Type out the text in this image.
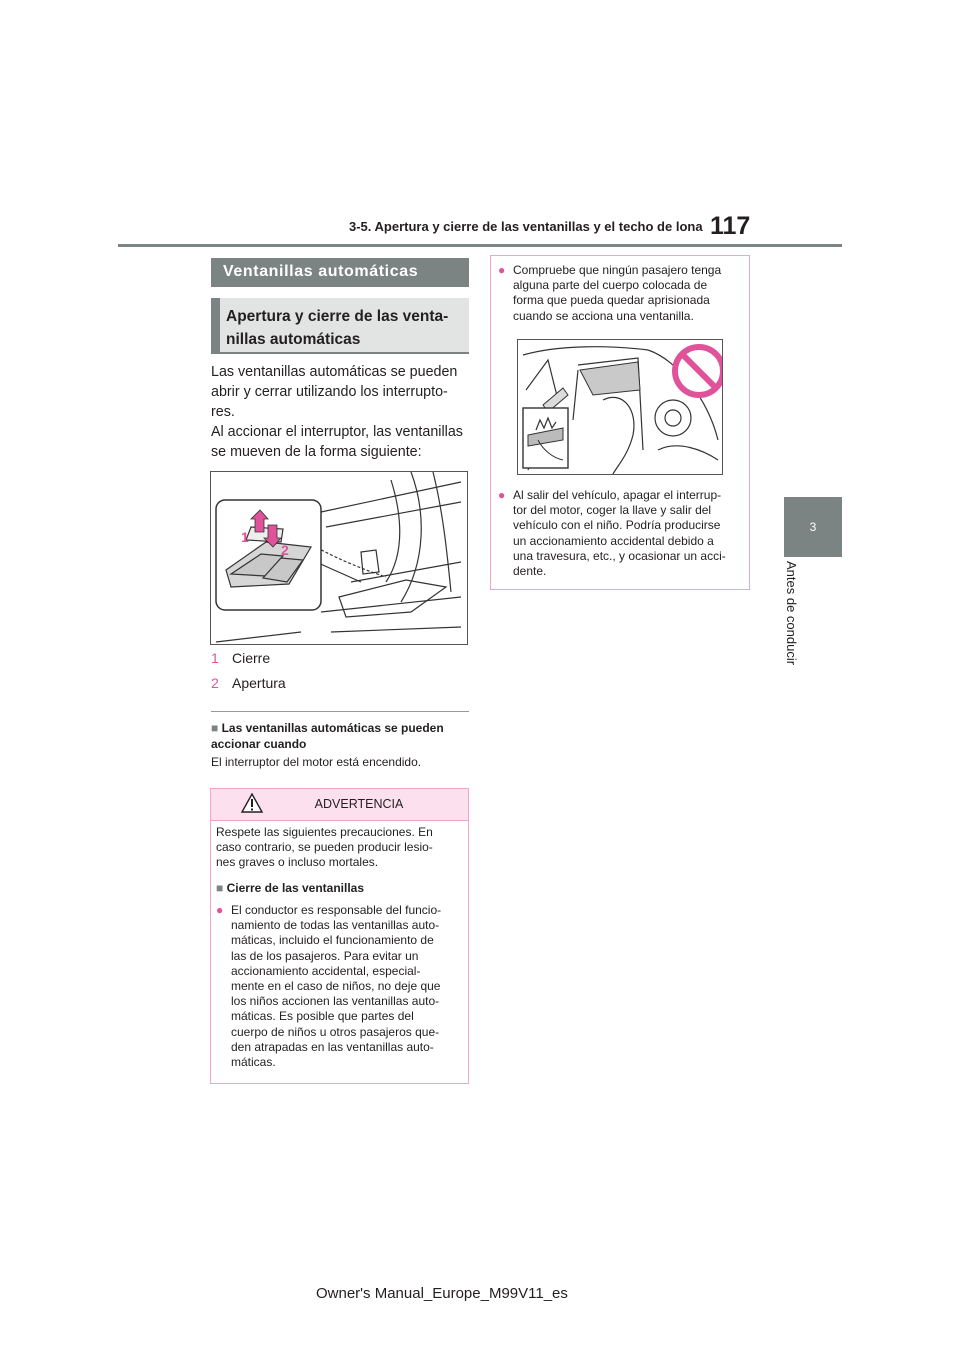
3-5. Apertura y cierre de las ventanillas y el techo de lona 117
3
Antes de conducir
Ventanillas automáticas
Apertura y cierre de las venta-nillas automáticas
Las ventanillas automáticas se pueden
abrir y cerrar utilizando los interrupto-
res.
Al accionar el interruptor, las ventanillas
se mueven de la forma siguiente:
1
2
1 Cierre
2 Apertura
■ Las ventanillas automáticas se pueden accionar cuando
El interruptor del motor está encendido.
ADVERTENCIA
Respete las siguientes precauciones. En
caso contrario, se pueden producir lesio-
nes graves o incluso mortales.
■ Cierre de las ventanillas
● El conductor es responsable del funcio-
namiento de todas las ventanillas auto-
máticas, incluido el funcionamiento de
las de los pasajeros. Para evitar un
accionamiento accidental, especial-
mente en el caso de niños, no deje que
los niños accionen las ventanillas auto-
máticas. Es posible que partes del
cuerpo de niños u otros pasajeros que-
den atrapadas en las ventanillas auto-
máticas.
● Compruebe que ningún pasajero tenga
alguna parte del cuerpo colocada de
forma que pueda quedar aprisionada
cuando se acciona una ventanilla.
● Al salir del vehículo, apagar el interrup-
tor del motor, coger la llave y salir del
vehículo con el niño. Podría producirse
un accionamiento accidental debido a
una travesura, etc., y ocasionar un acci-
dente.
Owner's Manual_Europe_M99V11_es
